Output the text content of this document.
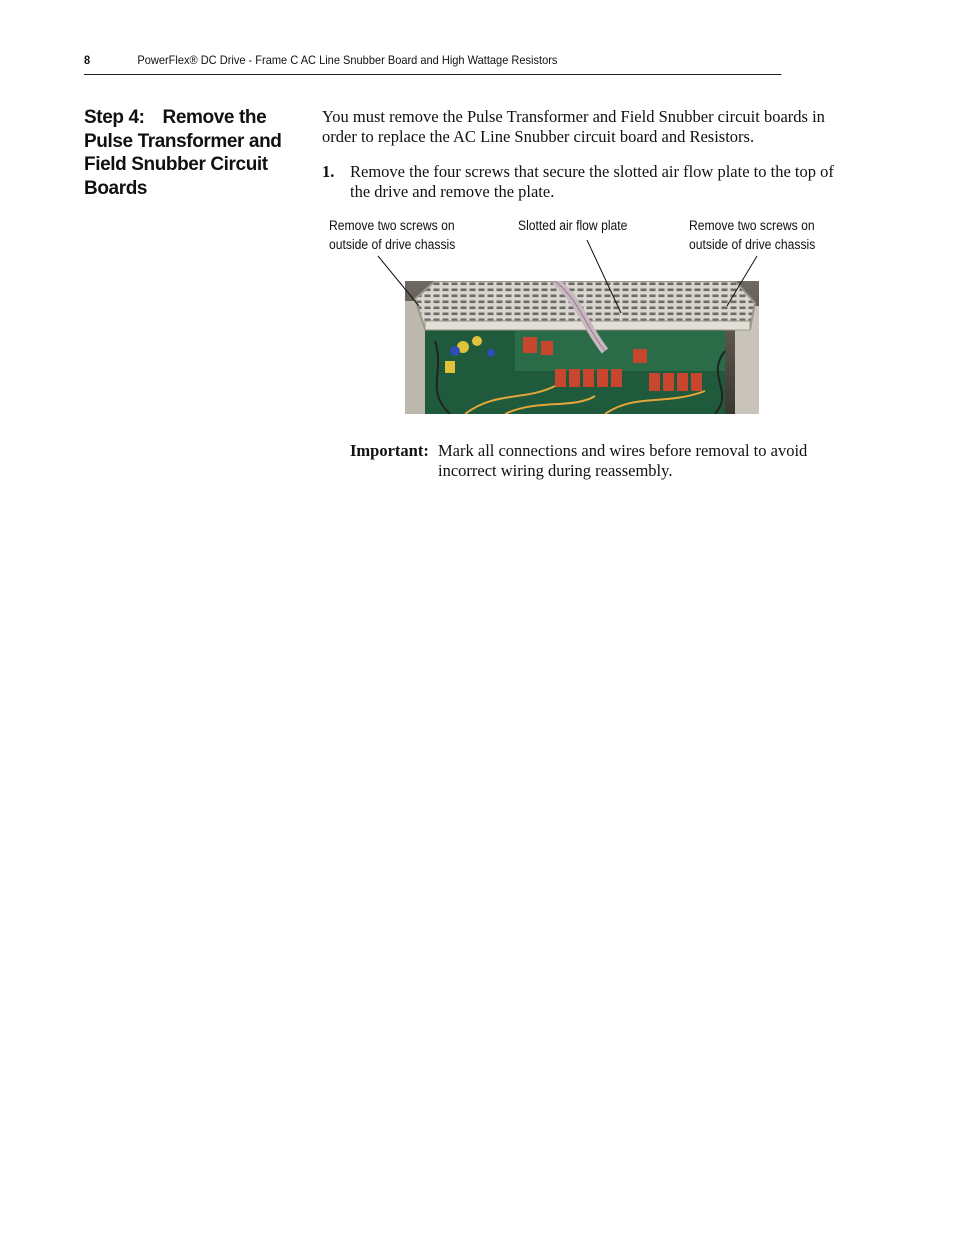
8	PowerFlex® DC Drive - Frame C AC Line Snubber Board and High Wattage Resistors
Step 4: Remove the Pulse Transformer and Field Snubber Circuit Boards
You must remove the Pulse Transformer and Field Snubber circuit boards in order to replace the AC Line Snubber circuit board and Resistors.
1. Remove the four screws that secure the slotted air flow plate to the top of the drive and remove the plate.
Remove two screws on
outside of drive chassis
Slotted air flow plate	Remove two screws on
outside of drive chassis
Important: Mark all connections and wires before removal to avoid incorrect wiring during reassembly.
